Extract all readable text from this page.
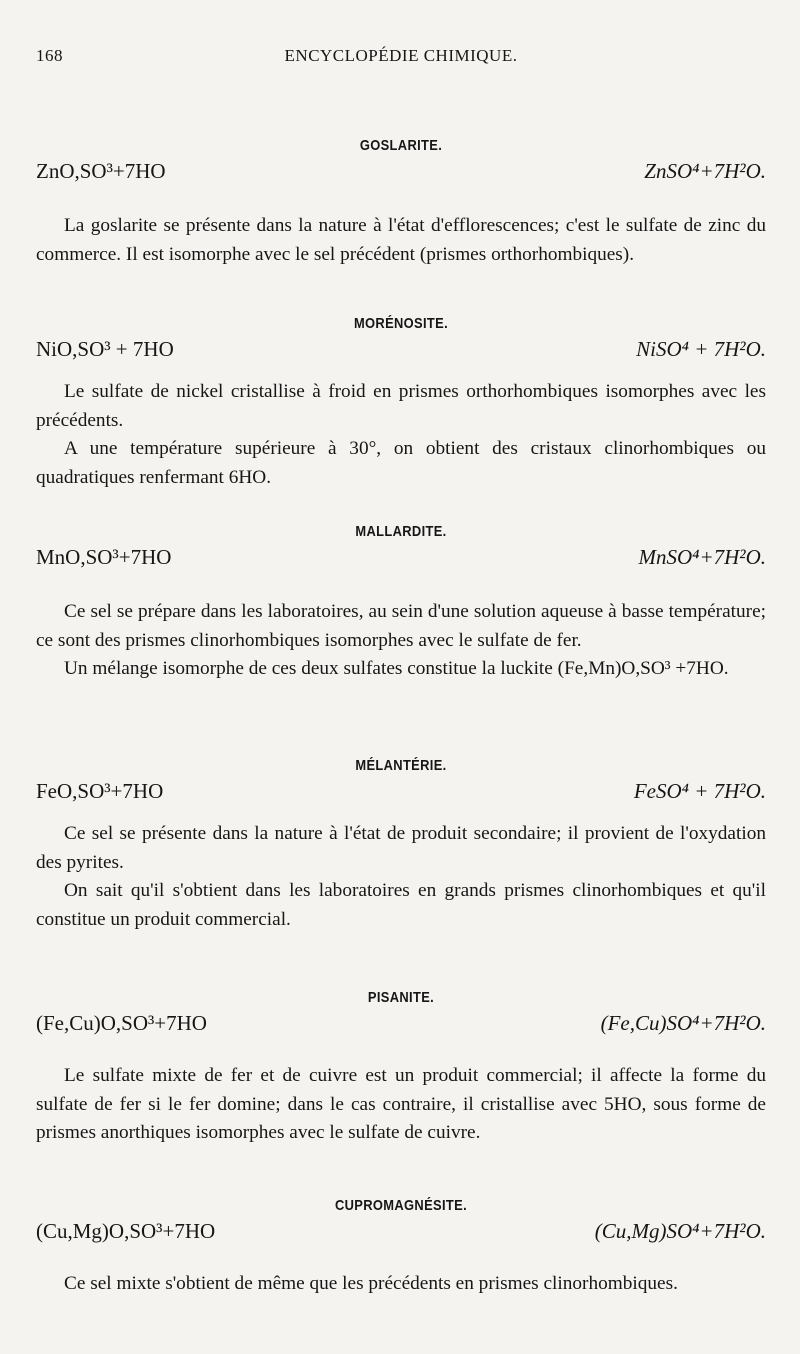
168	ENCYCLOPÉDIE CHIMIQUE.
GOSLARITE.
ZnO,SO³+7HO	ZnSO⁴+7H²O.

La goslarite se présente dans la nature à l'état d'efflorescences; c'est le sulfate de zinc du commerce. Il est isomorphe avec le sel précédent (prismes orthorhombiques).

MORÉNOSITE.
NiO,SO³ + 7HO	NiSO⁴ + 7H²O.

Le sulfate de nickel cristallise à froid en prismes orthorhombiques isomorphes avec les précédents.

A une température supérieure à 30°, on obtient des cristaux clinorhombiques ou quadratiques renfermant 6HO.

MALLARDITE.
MnO,SO³+7HO	MnSO⁴+7H²O.

Ce sel se prépare dans les laboratoires, au sein d'une solution aqueuse à basse température; ce sont des prismes clinorhombiques isomorphes avec le sulfate de fer.

Un mélange isomorphe de ces deux sulfates constitue la luckite (Fe,Mn)O,SO³ +7HO.

MÉLANTÉRIE.
FeO,SO³+7HO	FeSO⁴ + 7H²O.

Ce sel se présente dans la nature à l'état de produit secondaire; il provient de l'oxydation des pyrites.

On sait qu'il s'obtient dans les laboratoires en grands prismes clinorhombiques et qu'il constitue un produit commercial.

PISANITE.
(Fe,Cu)O,SO³+7HO	(Fe,Cu)SO⁴+7H²O.

Le sulfate mixte de fer et de cuivre est un produit commercial; il affecte la forme du sulfate de fer si le fer domine; dans le cas contraire, il cristallise avec 5HO, sous forme de prismes anorthiques isomorphes avec le sulfate de cuivre.

CUPROMAGNÉSITE.
(Cu,Mg)O,SO³+7HO	(Cu,Mg)SO⁴+7H²O.

Ce sel mixte s'obtient de même que les précédents en prismes clinorhombiques.
